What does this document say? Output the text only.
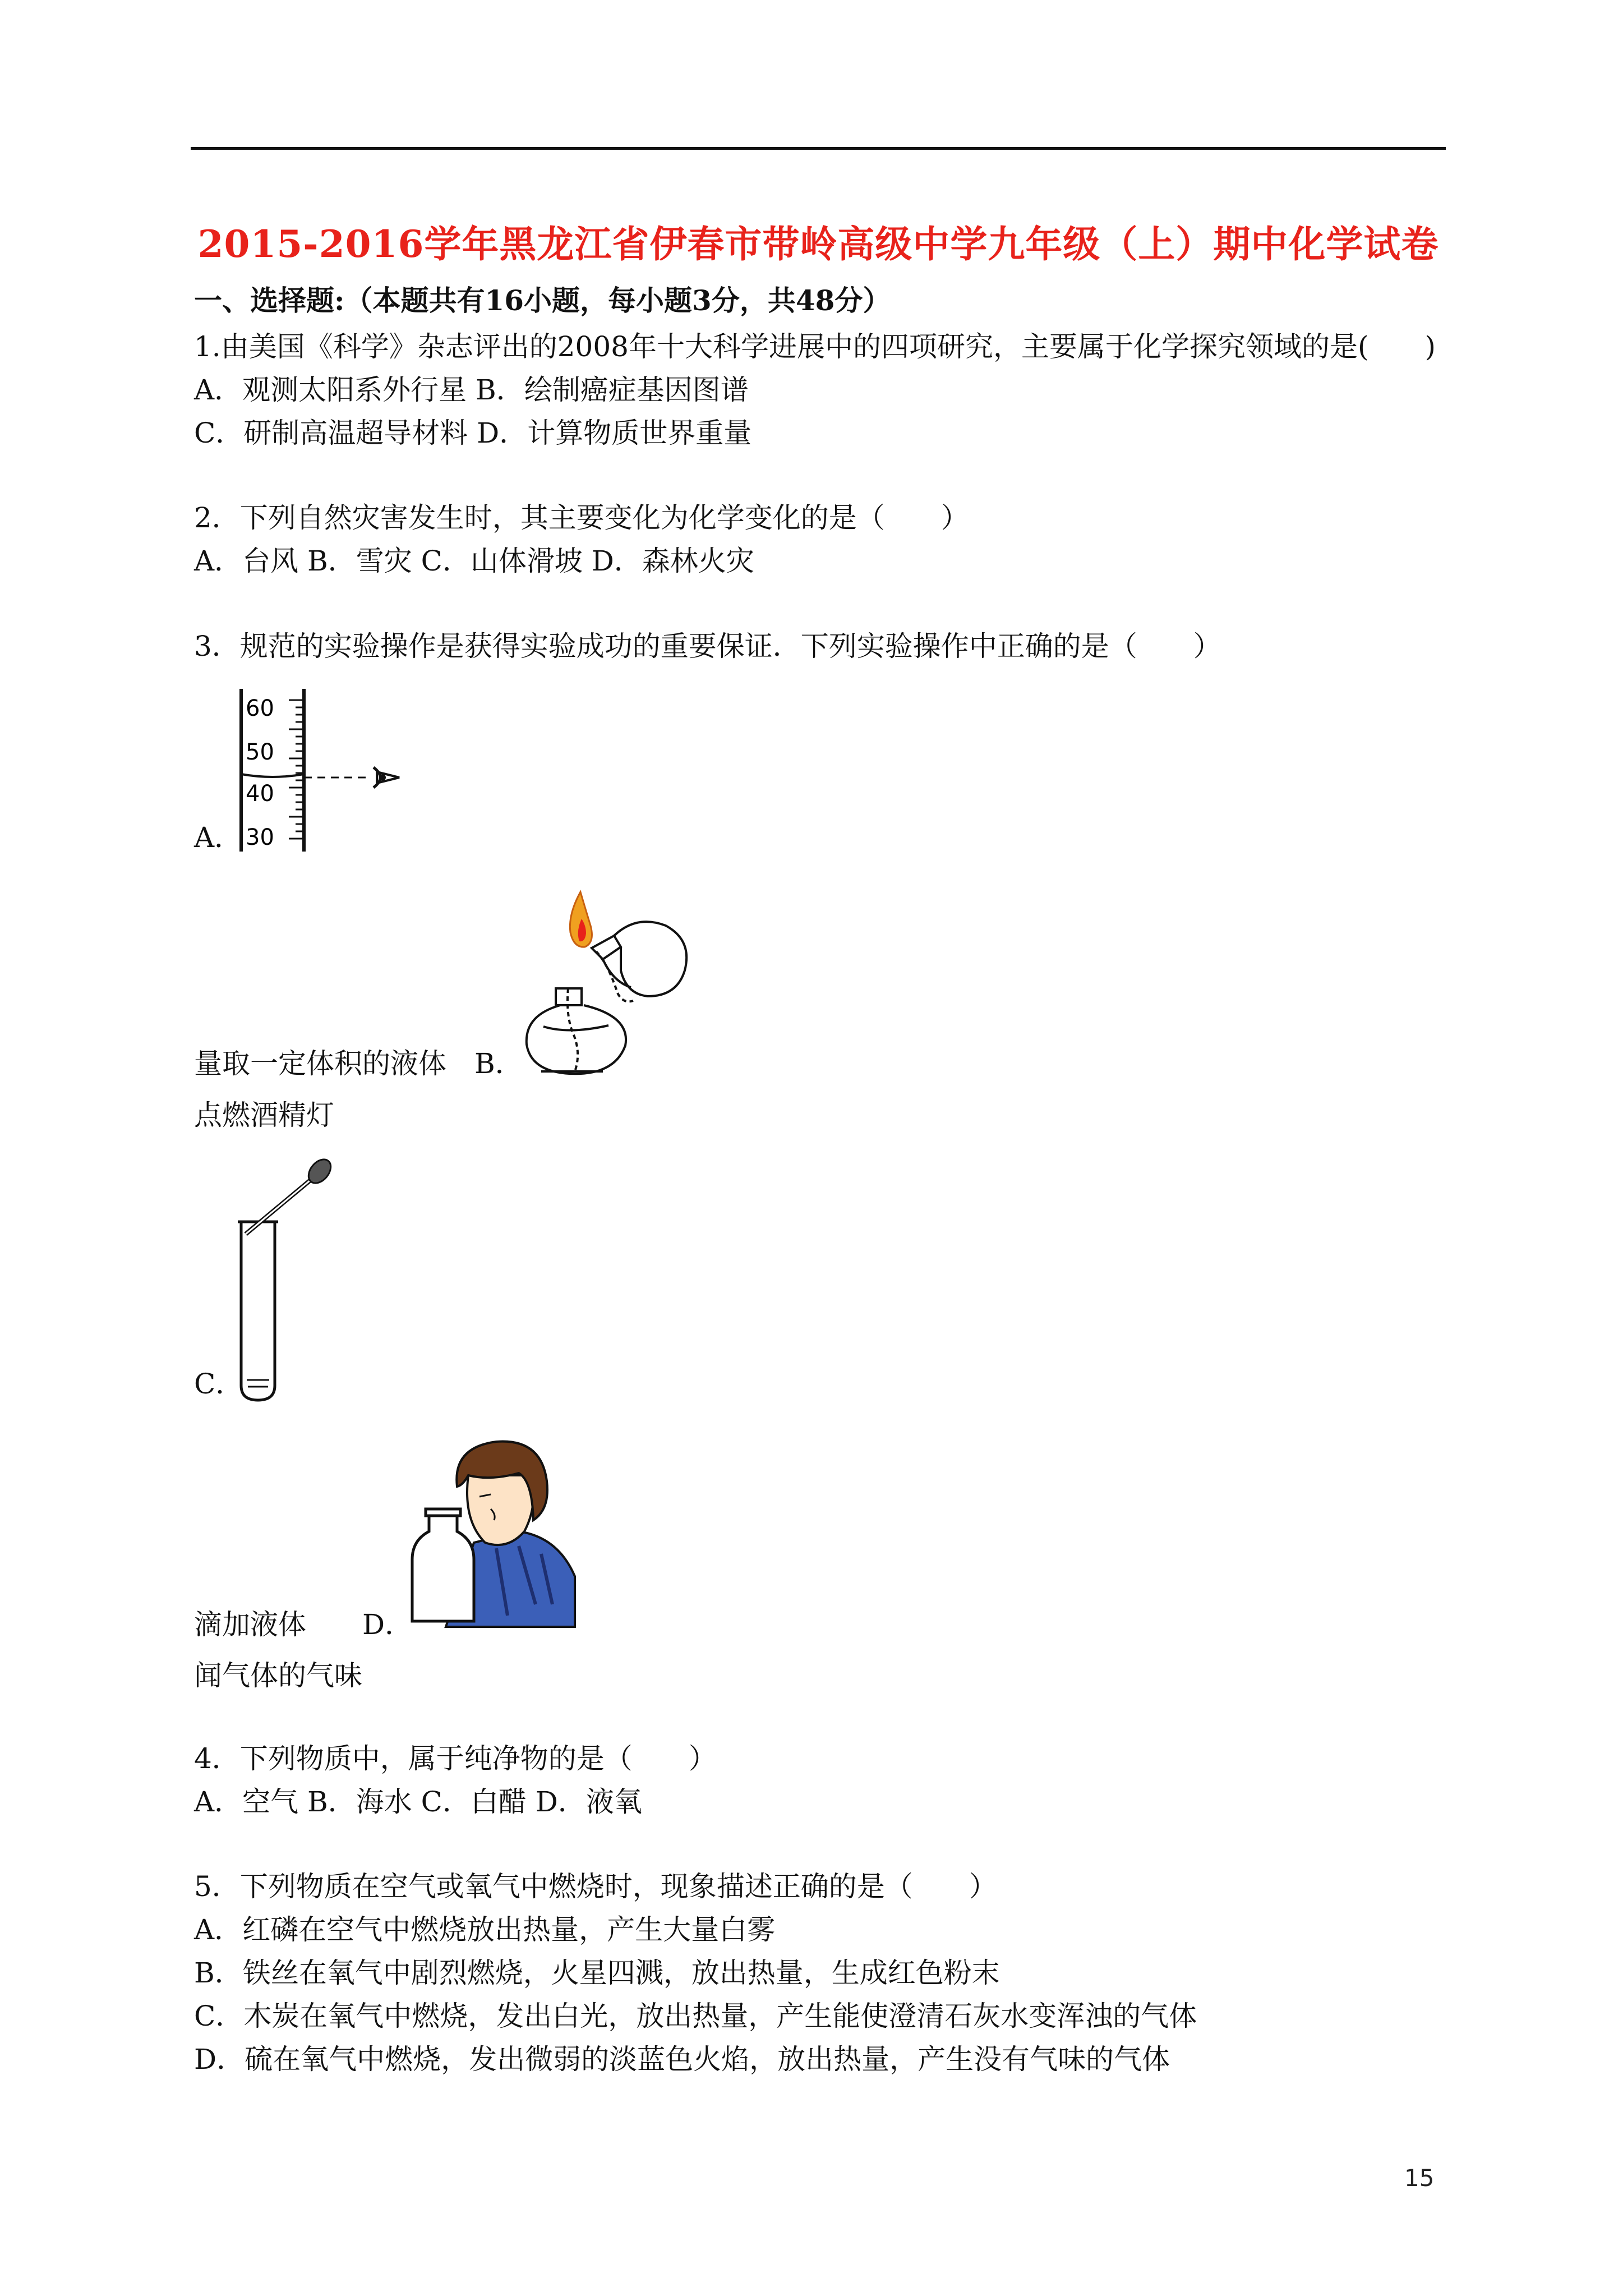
2015-2016学年黑龙江省伊春市带岭高级中学九年级（上）期中化学试卷
一、选择题:（本题共有16小题，每小题3分，共48分）
1.由美国《科学》杂志评出的2008年十大科学进展中的四项研究，主要属于化学探究领域的是(　　)
A．观测太阳系外行星 B．绘制癌症基因图谱
C．研制高温超导材料 D．计算物质世界重量
2．下列自然灾害发生时，其主要变化为化学变化的是（　　）
A．台风 B．雪灾 C．山体滑坡 D．森林火灾
3．规范的实验操作是获得实验成功的重要保证．下列实验操作中正确的是（　　）
60
50
40
30
A．
量取一定体积的液体　B．
点燃酒精灯
C．
滴加液体　　D．
闻气体的气味
4．下列物质中，属于纯净物的是（　　）
A．空气 B．海水 C．白醋 D．液氧
5．下列物质在空气或氧气中燃烧时，现象描述正确的是（　　）
A．红磷在空气中燃烧放出热量，产生大量白雾
B．铁丝在氧气中剧烈燃烧，火星四溅，放出热量，生成红色粉末
C．木炭在氧气中燃烧，发出白光，放出热量，产生能使澄清石灰水变浑浊的气体
D．硫在氧气中燃烧，发出微弱的淡蓝色火焰，放出热量，产生没有气味的气体
15
